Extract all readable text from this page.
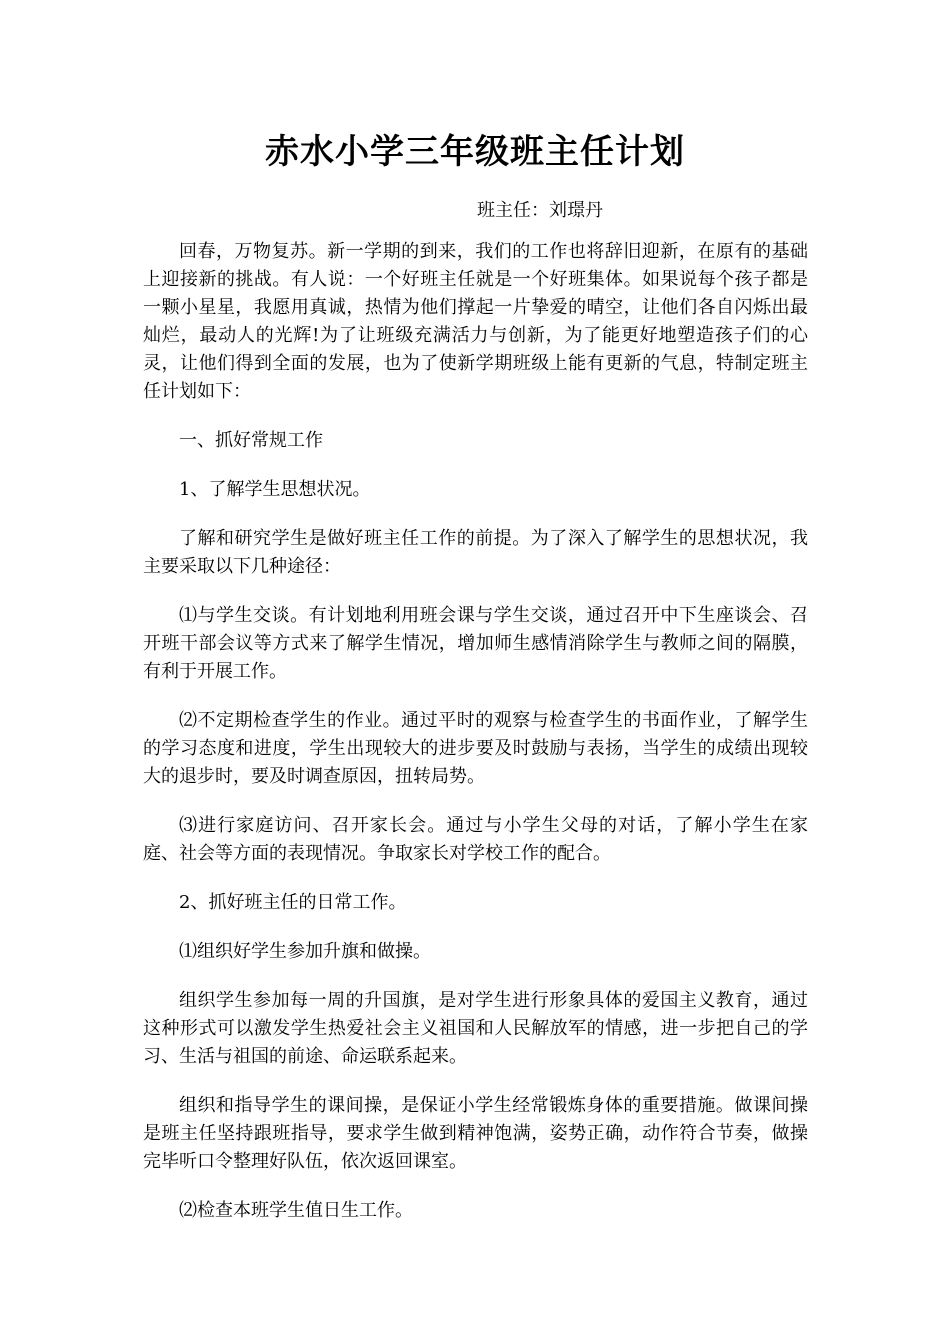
赤水小学三年级班主任计划
班主任：刘璟丹

回春，万物复苏。新一学期的到来，我们的工作也将辞旧迎新，在原有的基础上迎接新的挑战。有人说：一个好班主任就是一个好班集体。如果说每个孩子都是一颗小星星，我愿用真诚，热情为他们撑起一片挚爱的晴空，让他们各自闪烁出最灿烂，最动人的光辉!为了让班级充满活力与创新，为了能更好地塑造孩子们的心灵，让他们得到全面的发展，也为了使新学期班级上能有更新的气息，特制定班主任计划如下：

一、抓好常规工作

1、了解学生思想状况。

了解和研究学生是做好班主任工作的前提。为了深入了解学生的思想状况，我主要采取以下几种途径：

⑴与学生交谈。有计划地利用班会课与学生交谈，通过召开中下生座谈会、召开班干部会议等方式来了解学生情况，增加师生感情消除学生与教师之间的隔膜，有利于开展工作。

⑵不定期检查学生的作业。通过平时的观察与检查学生的书面作业，了解学生的学习态度和进度，学生出现较大的进步要及时鼓励与表扬，当学生的成绩出现较大的退步时，要及时调查原因，扭转局势。

⑶进行家庭访问、召开家长会。通过与小学生父母的对话，了解小学生在家庭、社会等方面的表现情况。争取家长对学校工作的配合。

2、抓好班主任的日常工作。

⑴组织好学生参加升旗和做操。

组织学生参加每一周的升国旗，是对学生进行形象具体的爱国主义教育，通过这种形式可以激发学生热爱社会主义祖国和人民解放军的情感，进一步把自己的学习、生活与祖国的前途、命运联系起来。

组织和指导学生的课间操，是保证小学生经常锻炼身体的重要措施。做课间操是班主任坚持跟班指导，要求学生做到精神饱满，姿势正确，动作符合节奏，做操完毕听口令整理好队伍，依次返回课室。

⑵检查本班学生值日生工作。
